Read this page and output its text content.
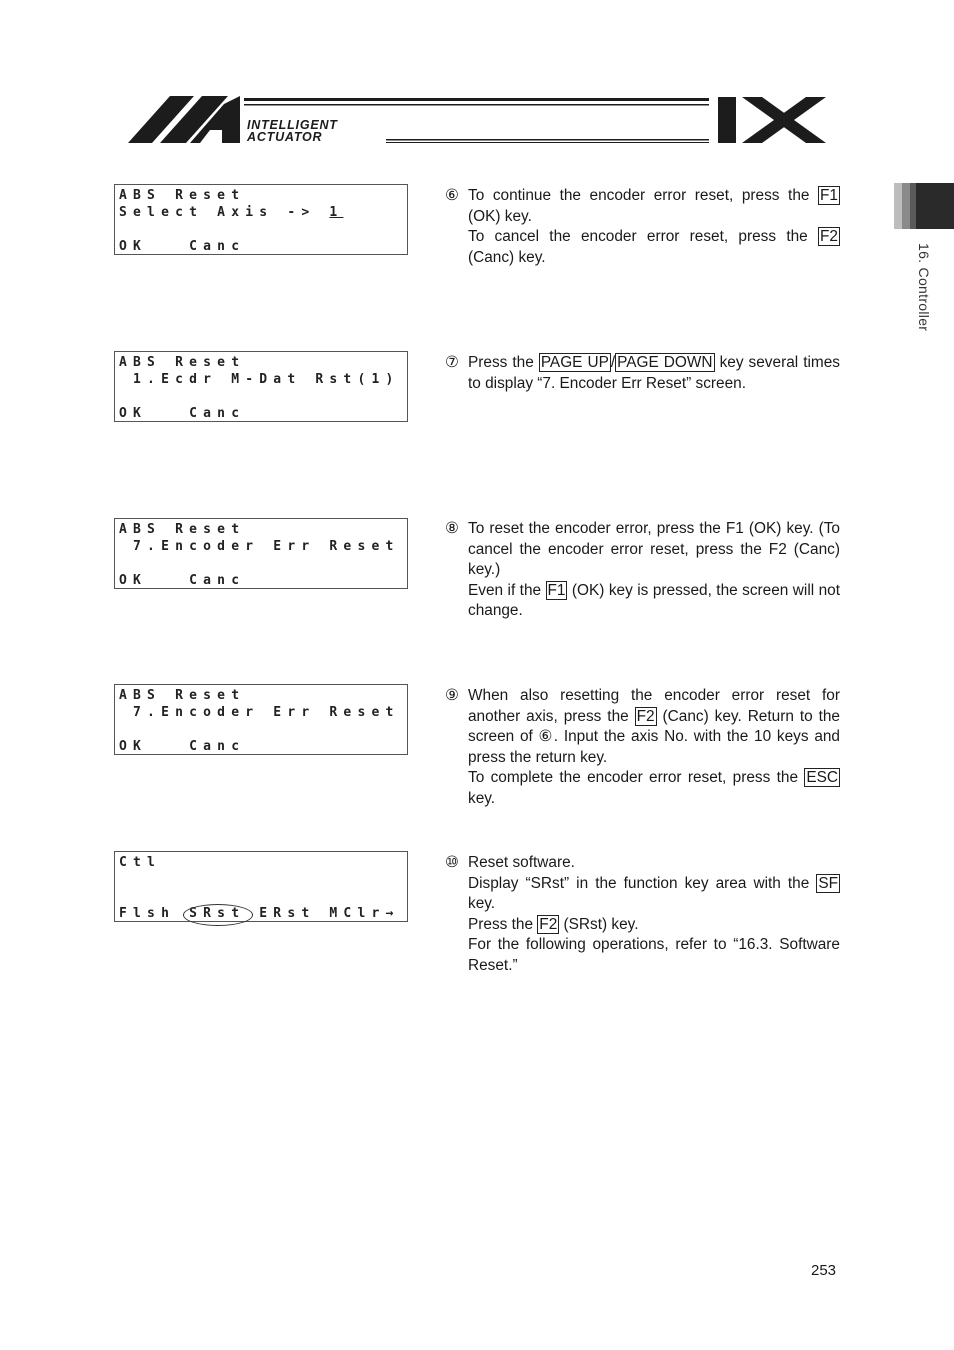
INTELLIGENT
ACTUATOR
16. Controller
ABS Reset
Select Axis -> 1
OK   Canc
ABS Reset
1.Ecdr M-Dat Rst(1)
OK   Canc
ABS Reset
7.Encoder Err Reset
OK   Canc
ABS Reset
7.Encoder Err Reset
OK   Canc
Ctl
Flsh SRst ERst MClr→
⑥ To continue the encoder error reset, press the F1 (OK) key.

To cancel the encoder error reset, press the F2 (Canc) key.

⑦ Press the PAGE UP / PAGE DOWN key several times to display “7. Encoder Err Reset” screen.

⑧ To reset the encoder error, press the F1 (OK) key. (To cancel the encoder error reset, press the F2 (Canc) key.)

Even if the F1 (OK) key is pressed, the screen will not change.

⑨ When also resetting the encoder error reset for another axis, press the F2 (Canc) key. Return to the screen of ⑥. Input the axis No. with the 10 keys and press the return key.

To complete the encoder error reset, press the ESC key.

⑩ Reset software.

Display “SRst” in the function key area with the SF key.

Press the F2 (SRst) key.

For the following operations, refer to “16.3. Software Reset.”

253
